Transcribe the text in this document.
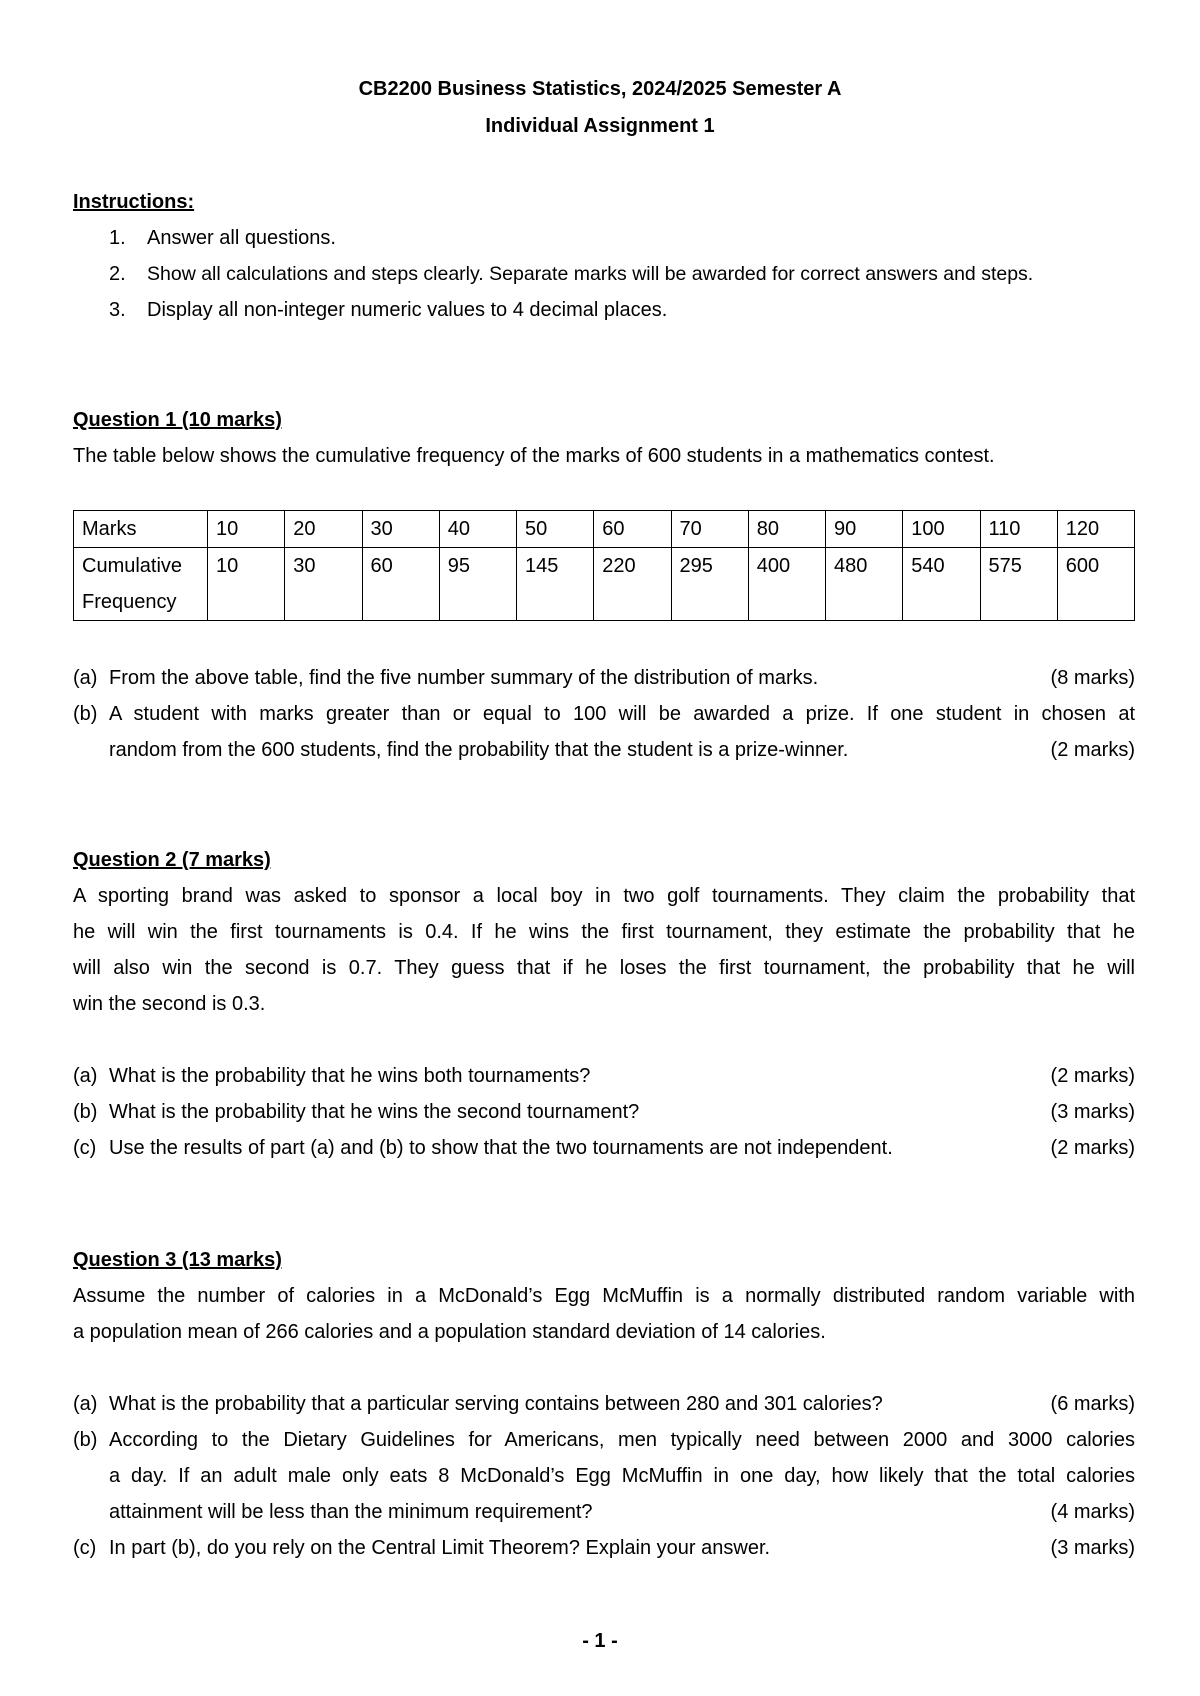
CB2200 Business Statistics, 2024/2025 Semester A
Individual Assignment 1
Instructions:
1.	Answer all questions.
2.	Show all calculations and steps clearly. Separate marks will be awarded for correct answers and steps.
3.	Display all non-integer numeric values to 4 decimal places.
Question 1 (10 marks)
The table below shows the cumulative frequency of the marks of 600 students in a mathematics contest.
Marks	10	20	30	40	50	60	70	80	90	100	110	120

Cumulative
Frequency	10	30	60	95	145	220	295	400	480	540	575	600
(a) From the above table, find the five number summary of the distribution of marks.	(8 marks)
(b) A student with marks greater than or equal to 100 will be awarded a prize. If one student in chosen at
random from the 600 students, find the probability that the student is a prize-winner.	(2 marks)
Question 2 (7 marks)
A sporting brand was asked to sponsor a local boy in two golf tournaments. They claim the probability that
he will win the first tournaments is 0.4. If he wins the first tournament, they estimate the probability that he
will also win the second is 0.7. They guess that if he loses the first tournament, the probability that he will
win the second is 0.3.
(a) What is the probability that he wins both tournaments?	(2 marks)
(b) What is the probability that he wins the second tournament?	(3 marks)
(c) Use the results of part (a) and (b) to show that the two tournaments are not independent.	(2 marks)
Question 3 (13 marks)
Assume the number of calories in a McDonald’s Egg McMuffin is a normally distributed random variable with
a population mean of 266 calories and a population standard deviation of 14 calories.
(a) What is the probability that a particular serving contains between 280 and 301 calories?	(6 marks)
(b) According to the Dietary Guidelines for Americans, men typically need between 2000 and 3000 calories
a day. If an adult male only eats 8 McDonald’s Egg McMuffin in one day, how likely that the total calories
attainment will be less than the minimum requirement?	(4 marks)
(c) In part (b), do you rely on the Central Limit Theorem? Explain your answer.	(3 marks)
- 1 -
